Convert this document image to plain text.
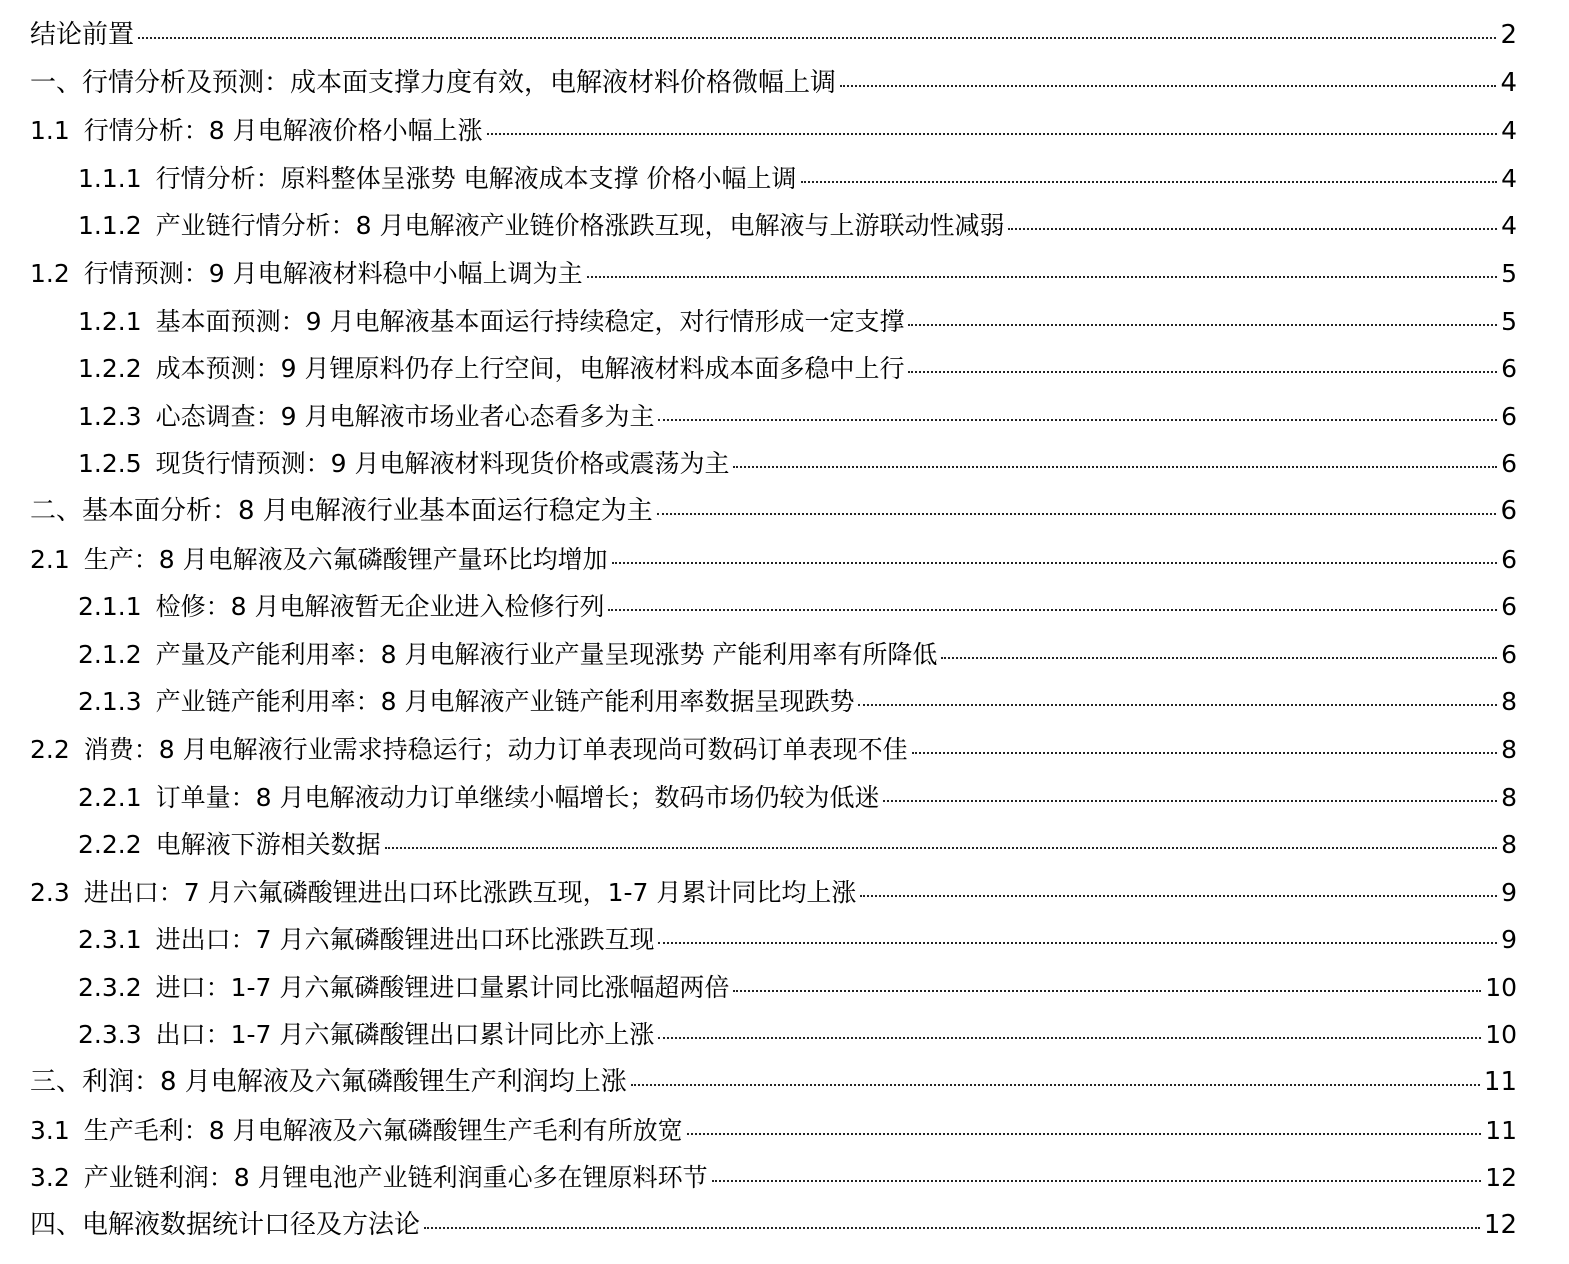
结论前置	2
一、行情分析及预测：成本面支撑力度有效，电解液材料价格微幅上调	4
1.1 行情分析：8 月电解液价格小幅上涨	4
1.1.1 行情分析：原料整体呈涨势 电解液成本支撑 价格小幅上调	4
1.1.2 产业链行情分析：8 月电解液产业链价格涨跌互现，电解液与上游联动性减弱	4
1.2 行情预测：9 月电解液材料稳中小幅上调为主	5
1.2.1 基本面预测：9 月电解液基本面运行持续稳定，对行情形成一定支撑	5
1.2.2 成本预测：9 月锂原料仍存上行空间，电解液材料成本面多稳中上行	6
1.2.3 心态调查：9 月电解液市场业者心态看多为主	6
1.2.5 现货行情预测：9 月电解液材料现货价格或震荡为主	6
二、基本面分析：8 月电解液行业基本面运行稳定为主	6
2.1 生产：8 月电解液及六氟磷酸锂产量环比均增加	6
2.1.1 检修：8 月电解液暂无企业进入检修行列	6
2.1.2 产量及产能利用率：8 月电解液行业产量呈现涨势 产能利用率有所降低	6
2.1.3 产业链产能利用率：8 月电解液产业链产能利用率数据呈现跌势	8
2.2 消费：8 月电解液行业需求持稳运行；动力订单表现尚可数码订单表现不佳	8
2.2.1 订单量：8 月电解液动力订单继续小幅增长；数码市场仍较为低迷	8
2.2.2 电解液下游相关数据	8
2.3 进出口：7 月六氟磷酸锂进出口环比涨跌互现，1-7 月累计同比均上涨	9
2.3.1 进出口：7 月六氟磷酸锂进出口环比涨跌互现	9
2.3.2 进口：1-7 月六氟磷酸锂进口量累计同比涨幅超两倍	10
2.3.3 出口：1-7 月六氟磷酸锂出口累计同比亦上涨	10
三、利润：8 月电解液及六氟磷酸锂生产利润均上涨	11
3.1 生产毛利：8 月电解液及六氟磷酸锂生产毛利有所放宽	11
3.2 产业链利润：8 月锂电池产业链利润重心多在锂原料环节	12
四、电解液数据统计口径及方法论	12
